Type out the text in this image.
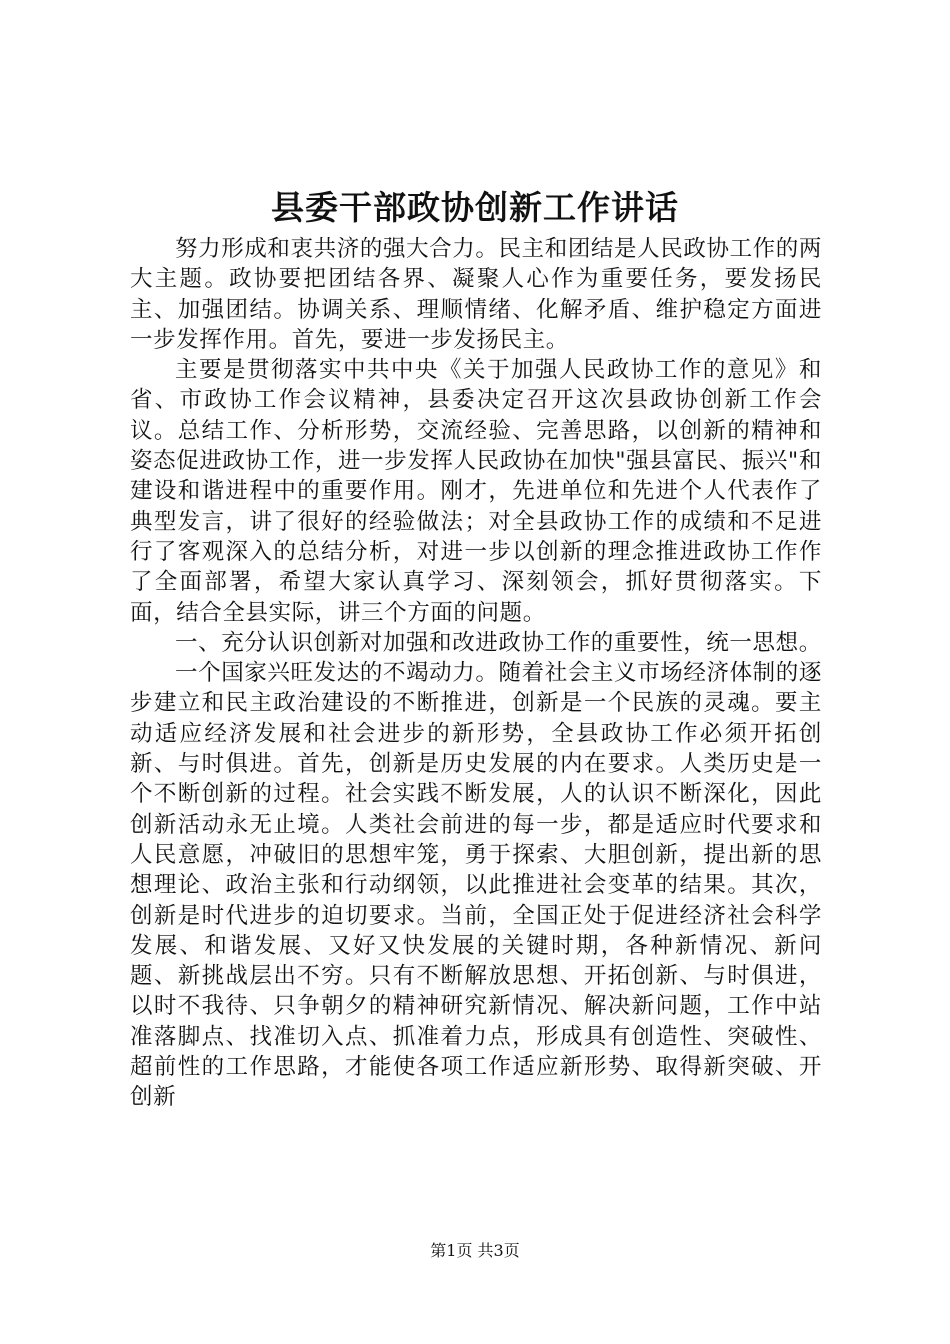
县委干部政协创新工作讲话

努力形成和衷共济的强大合力。民主和团结是人民政协工作的两大主题。政协要把团结各界、凝聚人心作为重要任务，要发扬民主、加强团结。协调关系、理顺情绪、化解矛盾、维护稳定方面进一步发挥作用。首先，要进一步发扬民主。

主要是贯彻落实中共中央《关于加强人民政协工作的意见》和省、市政协工作会议精神，县委决定召开这次县政协创新工作会议。总结工作、分析形势，交流经验、完善思路，以创新的精神和姿态促进政协工作，进一步发挥人民政协在加快"强县富民、振兴"和建设和谐进程中的重要作用。刚才，先进单位和先进个人代表作了典型发言，讲了很好的经验做法；对全县政协工作的成绩和不足进行了客观深入的总结分析，对进一步以创新的理念推进政协工作作了全面部署，希望大家认真学习、深刻领会，抓好贯彻落实。下面，结合全县实际，讲三个方面的问题。

一、充分认识创新对加强和改进政协工作的重要性，统一思想。

一个国家兴旺发达的不竭动力。随着社会主义市场经济体制的逐步建立和民主政治建设的不断推进，创新是一个民族的灵魂。要主动适应经济发展和社会进步的新形势，全县政协工作必须开拓创新、与时俱进。首先，创新是历史发展的内在要求。人类历史是一个不断创新的过程。社会实践不断发展，人的认识不断深化，因此创新活动永无止境。人类社会前进的每一步，都是适应时代要求和人民意愿，冲破旧的思想牢笼，勇于探索、大胆创新，提出新的思想理论、政治主张和行动纲领，以此推进社会变革的结果。其次，创新是时代进步的迫切要求。当前，全国正处于促进经济社会科学发展、和谐发展、又好又快发展的关键时期，各种新情况、新问题、新挑战层出不穷。只有不断解放思想、开拓创新、与时俱进，以时不我待、只争朝夕的精神研究新情况、解决新问题，工作中站准落脚点、找准切入点、抓准着力点，形成具有创造性、突破性、超前性的工作思路，才能使各项工作适应新形势、取得新突破、开创新

第1页 共3页
